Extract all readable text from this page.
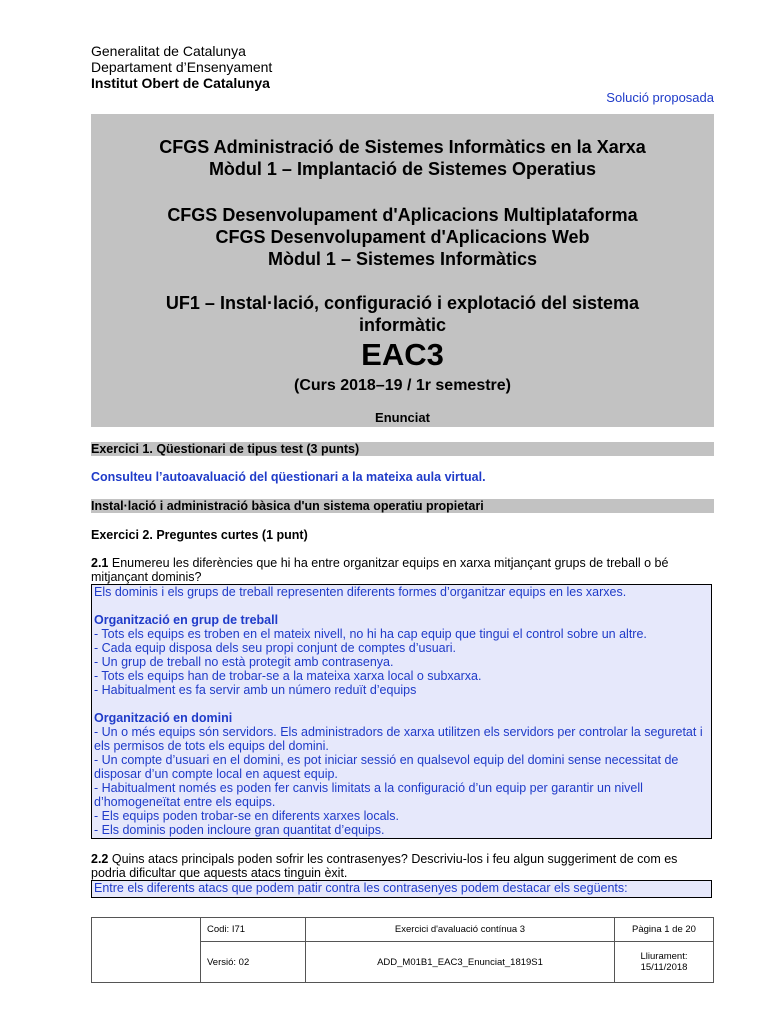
Generalitat de Catalunya
Departament d’Ensenyament
Institut Obert de Catalunya
Solució proposada
CFGS Administració de Sistemes Informàtics en la Xarxa
Mòdul 1 – Implantació de Sistemes Operatius
CFGS Desenvolupament d'Aplicacions Multiplataforma
CFGS Desenvolupament d'Aplicacions Web
Mòdul 1 – Sistemes Informàtics
UF1 – Instal·lació, configuració i explotació del sistema
informàtic
EAC3
(Curs 2018–19 / 1r semestre)
Enunciat
Exercici 1. Qüestionari de tipus test (3 punts)
Consulteu l’autoavaluació del qüestionari a la mateixa aula virtual.
Instal·lació i administració bàsica d'un sistema operatiu propietari
Exercici 2. Preguntes curtes (1 punt)
2.1 Enumereu les diferències que hi ha entre organitzar equips en xarxa mitjançant grups de treball o bé mitjançant dominis?
Els dominis i els grups de treball representen diferents formes d’organitzar equips en les xarxes.
Organització en grup de treball
- Tots els equips es troben en el mateix nivell, no hi ha cap equip que tingui el control sobre un altre.
- Cada equip disposa dels seu propi conjunt de comptes d’usuari.
- Un grup de treball no està protegit amb contrasenya.
- Tots els equips han de trobar-se a la mateixa xarxa local o subxarxa.
- Habitualment es fa servir amb un número reduït d’equips
Organització en domini
- Un o més equips són servidors. Els administradors de xarxa utilitzen els servidors per controlar la seguretat i els permisos de tots els equips del domini.
- Un compte d’usuari en el domini, es pot iniciar sessió en qualsevol equip del domini sense necessitat de disposar d’un compte local en aquest equip.
- Habitualment només es poden fer canvis limitats a la configuració d’un equip per garantir un nivell d’homogeneïtat entre els equips.
- Els equips poden trobar-se en diferents xarxes locals.
- Els dominis poden incloure gran quantitat d’equips.
2.2 Quins atacs principals poden sofrir les contrasenyes? Descriviu-los i feu algun suggeriment de com es podria dificultar que aquests atacs tinguin èxit.
Entre els diferents atacs que podem patir contra les contrasenyes podem destacar els següents:
	Codi: I71	Exercici d'avaluació contínua 3	Pàgina 1 de 20
	Versió: 02	ADD_M01B1_EAC3_Enunciat_1819S1	Lliurament:
15/11/2018
